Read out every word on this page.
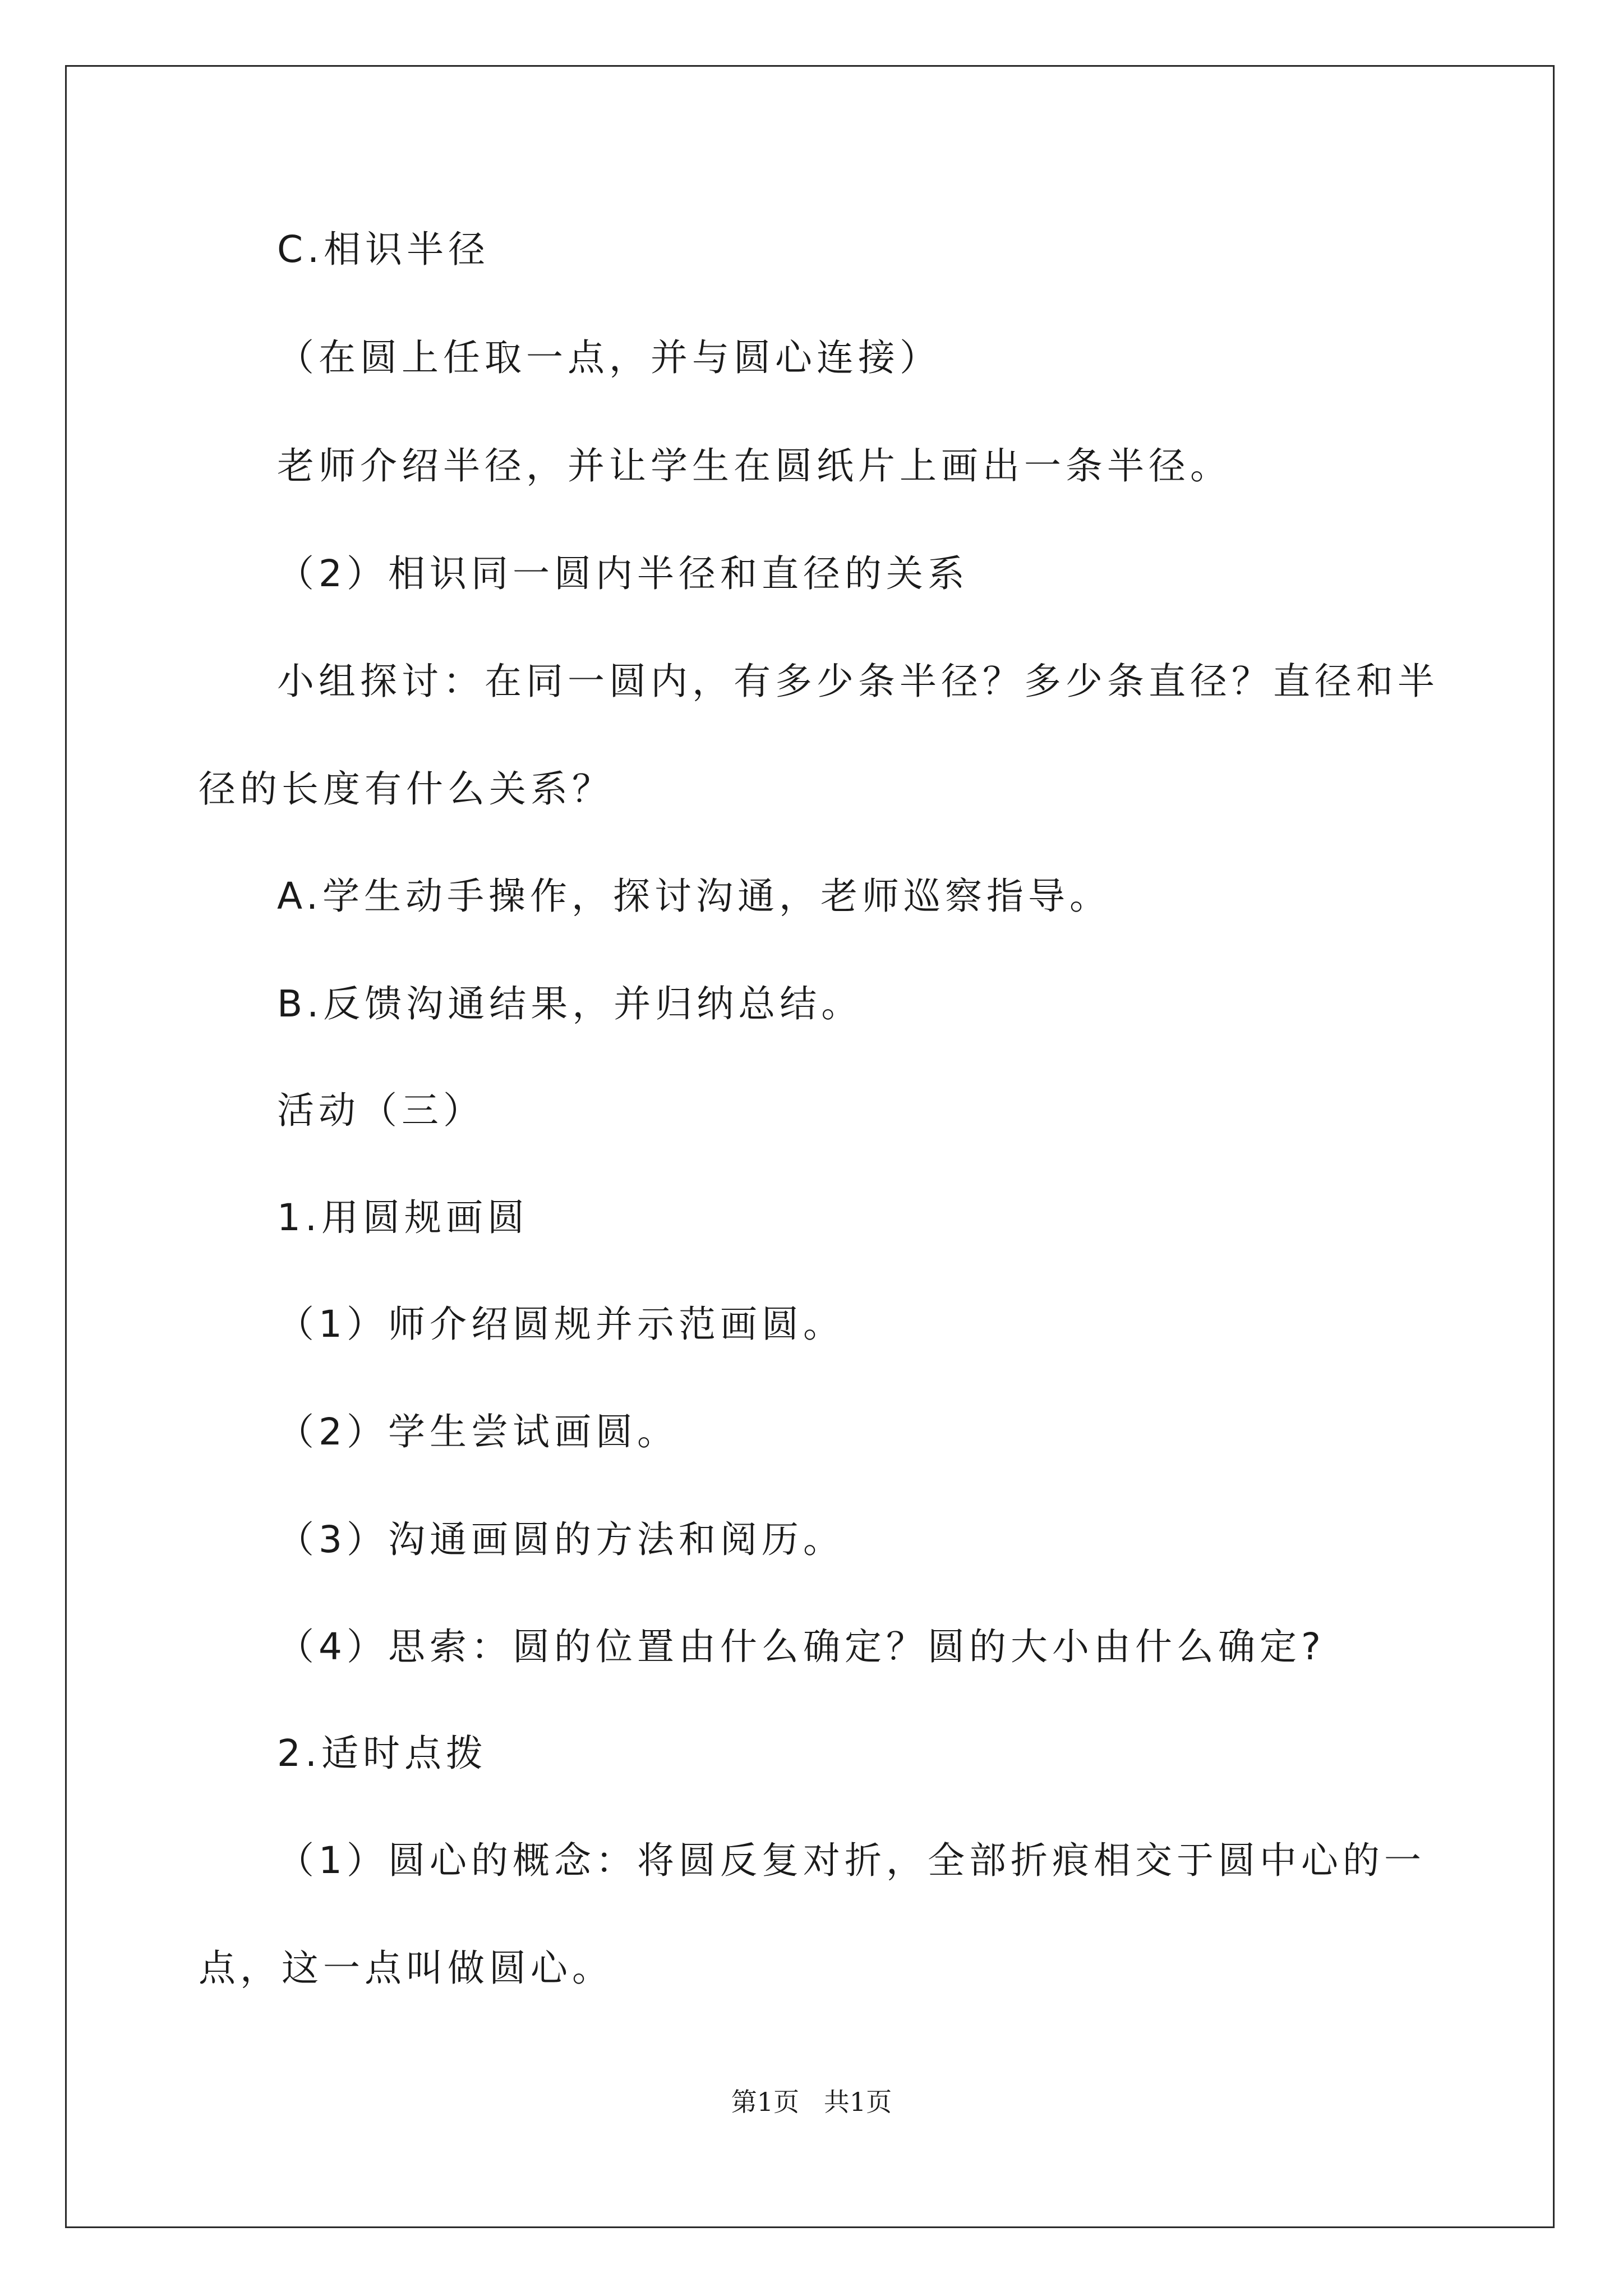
C.相识半径

（在圆上任取一点，并与圆心连接）

老师介绍半径，并让学生在圆纸片上画出一条半径。

（2）相识同一圆内半径和直径的关系

小组探讨：在同一圆内，有多少条半径？多少条直径？直径和半

径的长度有什么关系？

A.学生动手操作，探讨沟通，老师巡察指导。

B.反馈沟通结果，并归纳总结。

活动（三）

1.用圆规画圆

（1）师介绍圆规并示范画圆。

（2）学生尝试画圆。

（3）沟通画圆的方法和阅历。

（4）思索：圆的位置由什么确定？圆的大小由什么确定?

2.适时点拨

（1）圆心的概念：将圆反复对折，全部折痕相交于圆中心的一

点，这一点叫做圆心。

第1页   共1页
